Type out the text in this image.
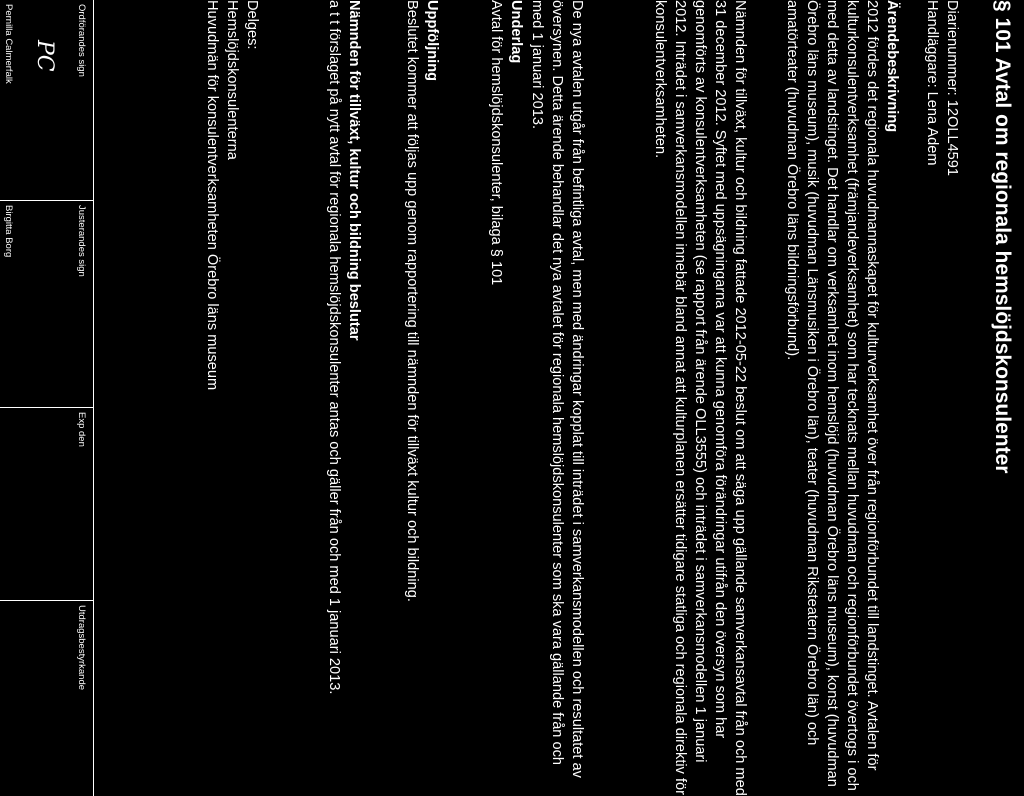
§ 101 Avtal om regionala hemslöjdskonsulenter
Diarienummer: 12OLL4591
Handläggare: Lena Adem
Ärendebeskrivning
2012 fördes det regionala huvudmannaskapet för kulturverksamhet över från regionförbundet till landstinget. Avtalen för kulturkonsulentverksamhet (främjandeverksamhet) som har tecknats mellan huvudman och regionförbundet övertogs i och med detta av landstinget. Det handlar om verksamhet inom hemslöjd (huvudman Örebro läns museum), konst (huvudman Örebro läns museum), musik (huvudman Länsmusiken i Örebro län), teater (huvudman Riksteatern Örebro län) och amatörteater (huvudman Örebro läns bildningsförbund).
Nämnden för tillväxt, kultur och bildning fattade 2012-05-22 beslut om att säga upp gällande samverkansavtal från och med 31 december 2012. Syftet med uppsägningarna var att kunna genomföra förändringar utifrån den översyn som har genomförts av konsulentverksamheten (se rapport från ärende OLL3555) och inträdet i samverkansmodellen 1 januari 2012. Inträdet i samverkansmodellen innebär bland annat att kulturplanen ersätter tidigare statliga och regionala direktiv för konsulentverksamheten.
De nya avtalen utgår från befintliga avtal, men med ändringar kopplat till inträdet i samverkansmodellen och resultatet av översynen. Detta ärende behandlar det nya avtalet för regionala hemslöjdskonsulenter som ska vara gällande från och med 1 januari 2013.
Underlag
Avtal för hemslöjdskonsulenter, bilaga § 101
Uppföljning
Beslutet kommer att följas upp genom rapportering till nämnden för tillväxt kultur och bildning.
Nämnden för tillväxt, kultur och bildning beslutar
a t t förslaget på nytt avtal för regionala hemslöjdskonsulenter antas och gäller från och med 1 januari 2013.
Delges:
Hemslöjdskonsulenterna
Huvudmän för konsulentverksamheten Örebro läns museum
Ordförandes sign
PC
Pernilla Calmerfalk
Justerandes sign
Birgitta Borg
Exp den
Utdragsbestyrkande
